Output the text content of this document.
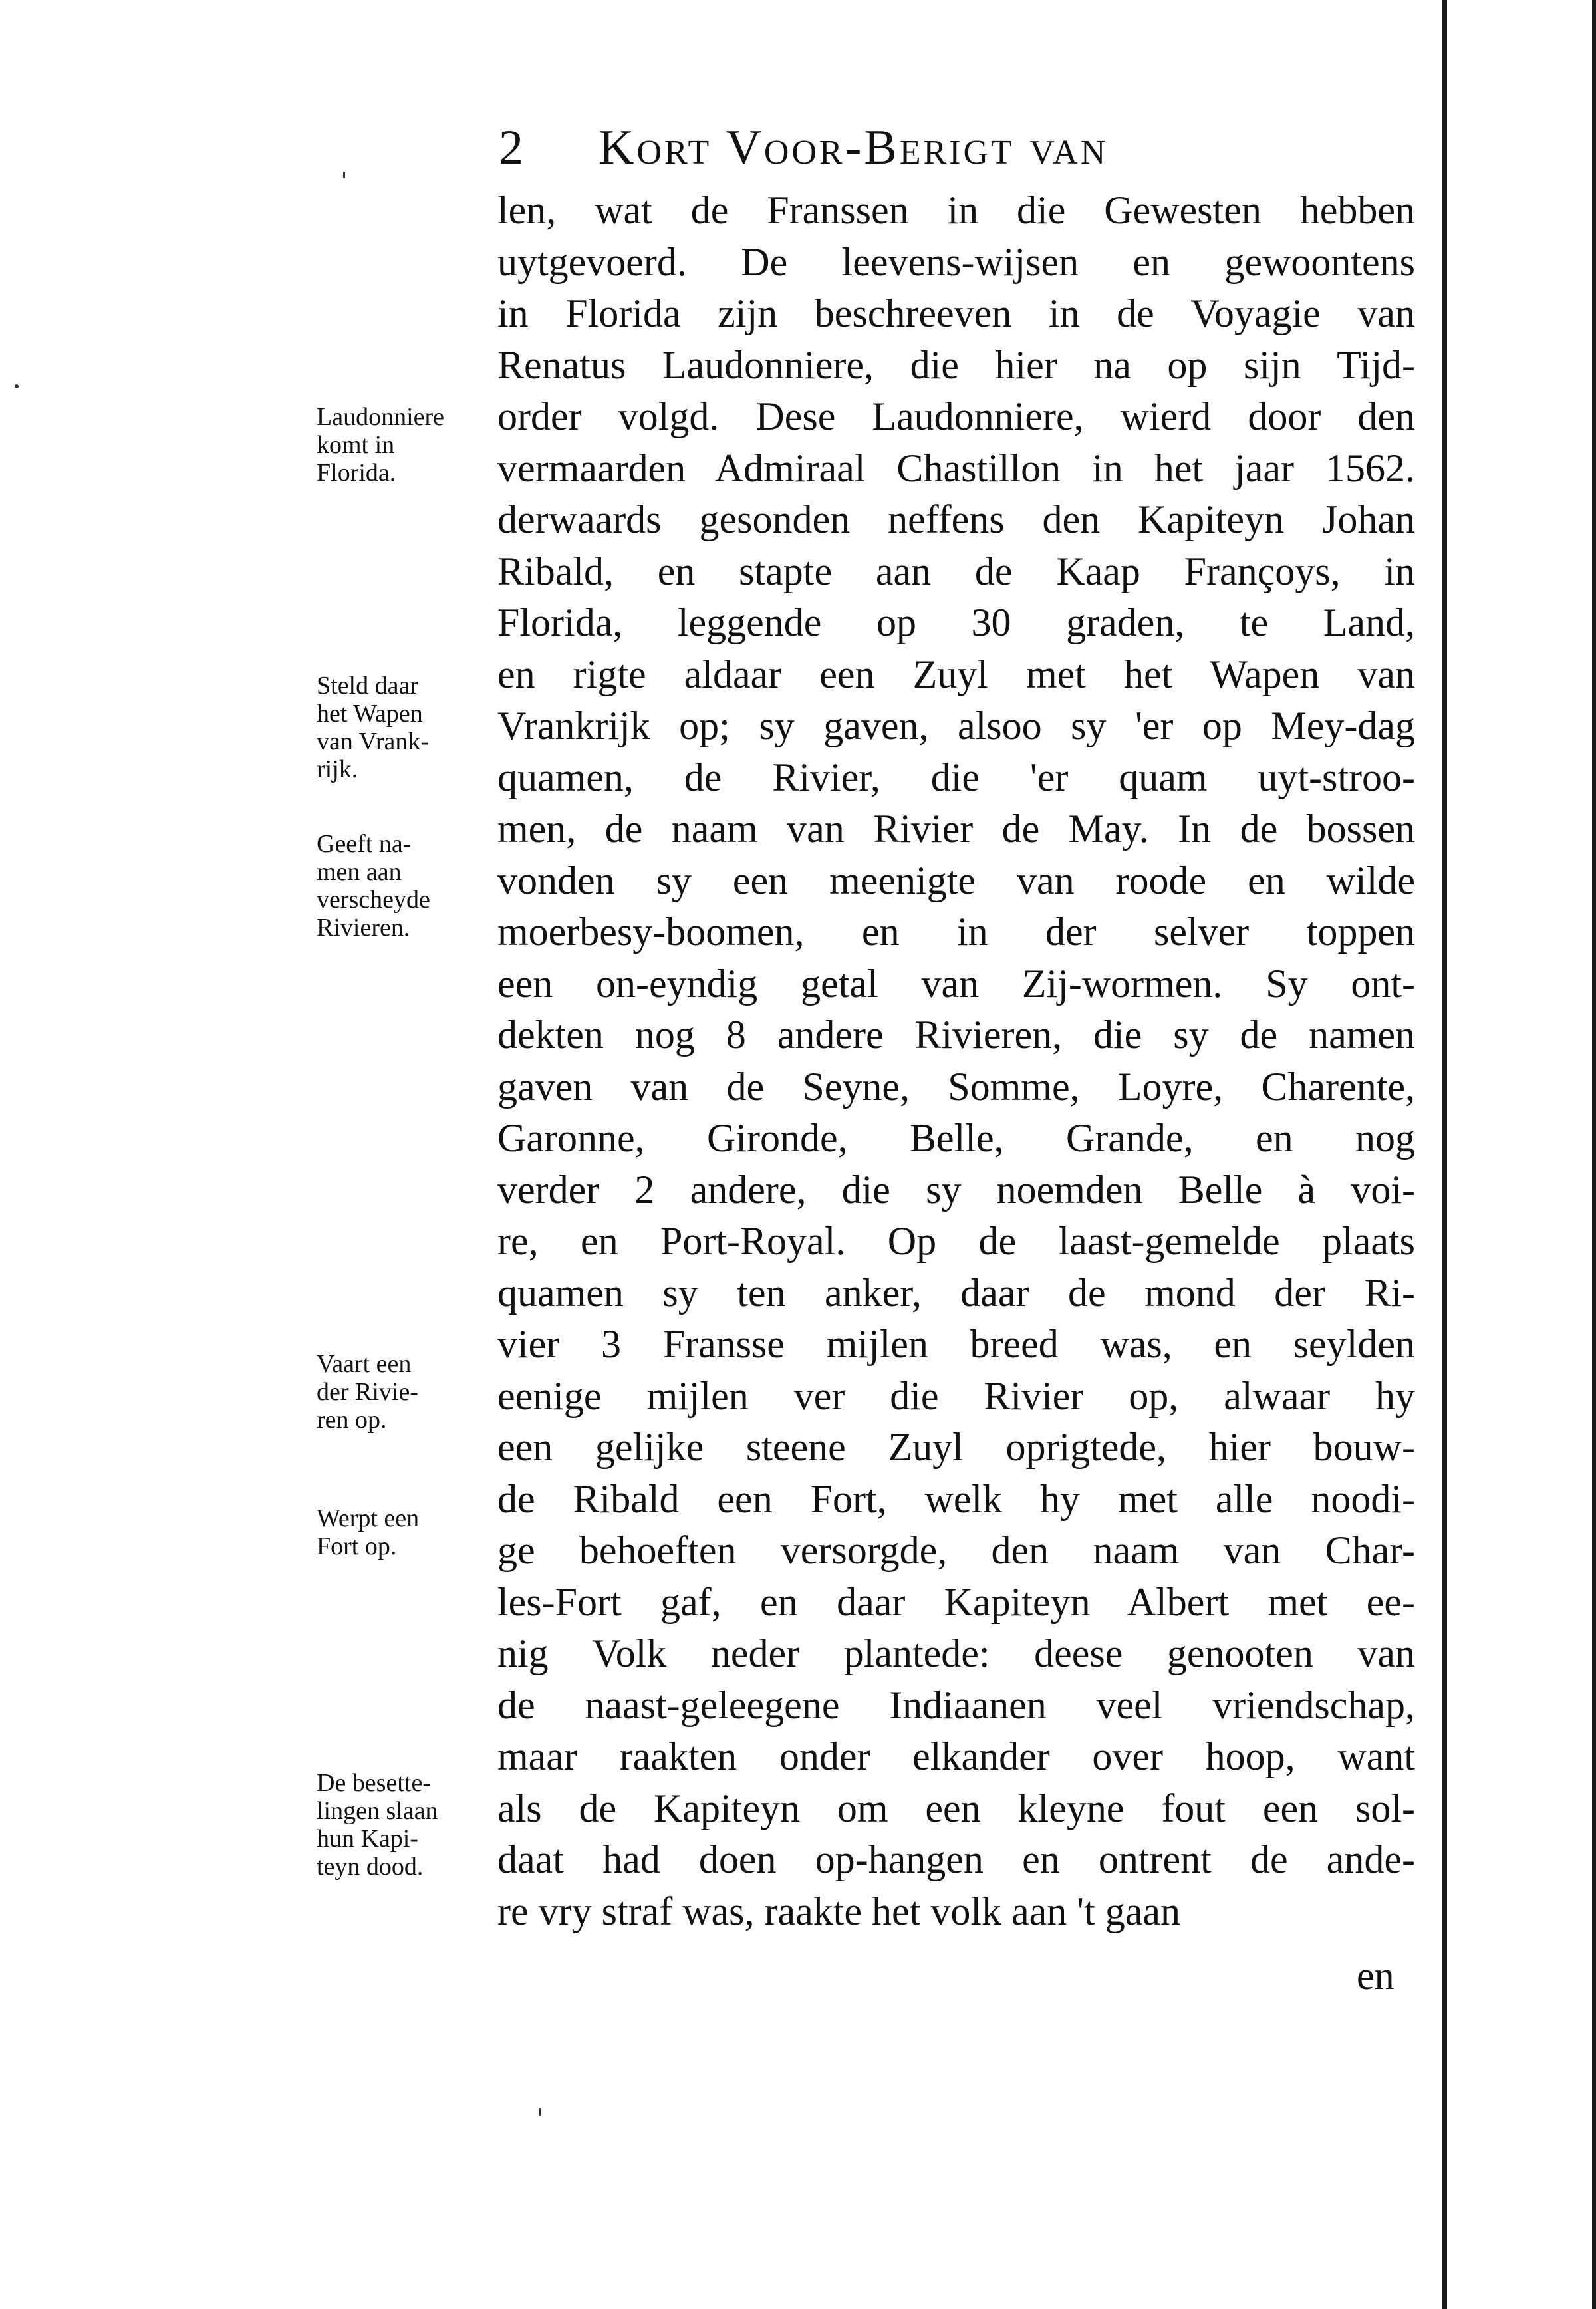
2 Kort Voor-Berigt van
len, wat de Franssen in die Gewesten hebben
uytgevoerd. De leevens-wijsen en gewoontens
in Florida zijn beschreeven in de Voyagie van
Renatus Laudonniere, die hier na op sijn Tijd-
order volgd. Dese Laudonniere, wierd door den
vermaarden Admiraal Chastillon in het jaar 1562.
derwaards gesonden neffens den Kapiteyn Johan
Ribald, en stapte aan de Kaap Françoys, in
Florida, leggende op 30 graden, te Land,
en rigte aldaar een Zuyl met het Wapen van
Vrankrijk op; sy gaven, alsoo sy 'er op Mey-dag
quamen, de Rivier, die 'er quam uyt-stroo-
men, de naam van Rivier de May. In de bossen
vonden sy een meenigte van roode en wilde
moerbesy-boomen, en in der selver toppen
een on-eyndig getal van Zij-wormen. Sy ont-
dekten nog 8 andere Rivieren, die sy de namen
gaven van de Seyne, Somme, Loyre, Charente,
Garonne, Gironde, Belle, Grande, en nog
verder 2 andere, die sy noemden Belle à voi-
re, en Port-Royal. Op de laast-gemelde plaats
quamen sy ten anker, daar de mond der Ri-
vier 3 Fransse mijlen breed was, en seylden
eenige mijlen ver die Rivier op, alwaar hy
een gelijke steene Zuyl oprigtede, hier bouw-
de Ribald een Fort, welk hy met alle noodi-
ge behoeften versorgde, den naam van Char-
les-Fort gaf, en daar Kapiteyn Albert met ee-
nig Volk neder plantede: deese genooten van
de naast-geleegene Indiaanen veel vriendschap,
maar raakten onder elkander over hoop, want
als de Kapiteyn om een kleyne fout een sol-
daat had doen op-hangen en ontrent de ande-
re vry straf was, raakte het volk aan 't gaan
en
Laudonniere
komt in
Florida.
Steld daar
het Wapen
van Vrank-
rijk.
Geeft na-
men aan
verscheyde
Rivieren.
Vaart een
der Rivie-
ren op.
Werpt een
Fort op.
De besette-
lingen slaan
hun Kapi-
teyn dood.
